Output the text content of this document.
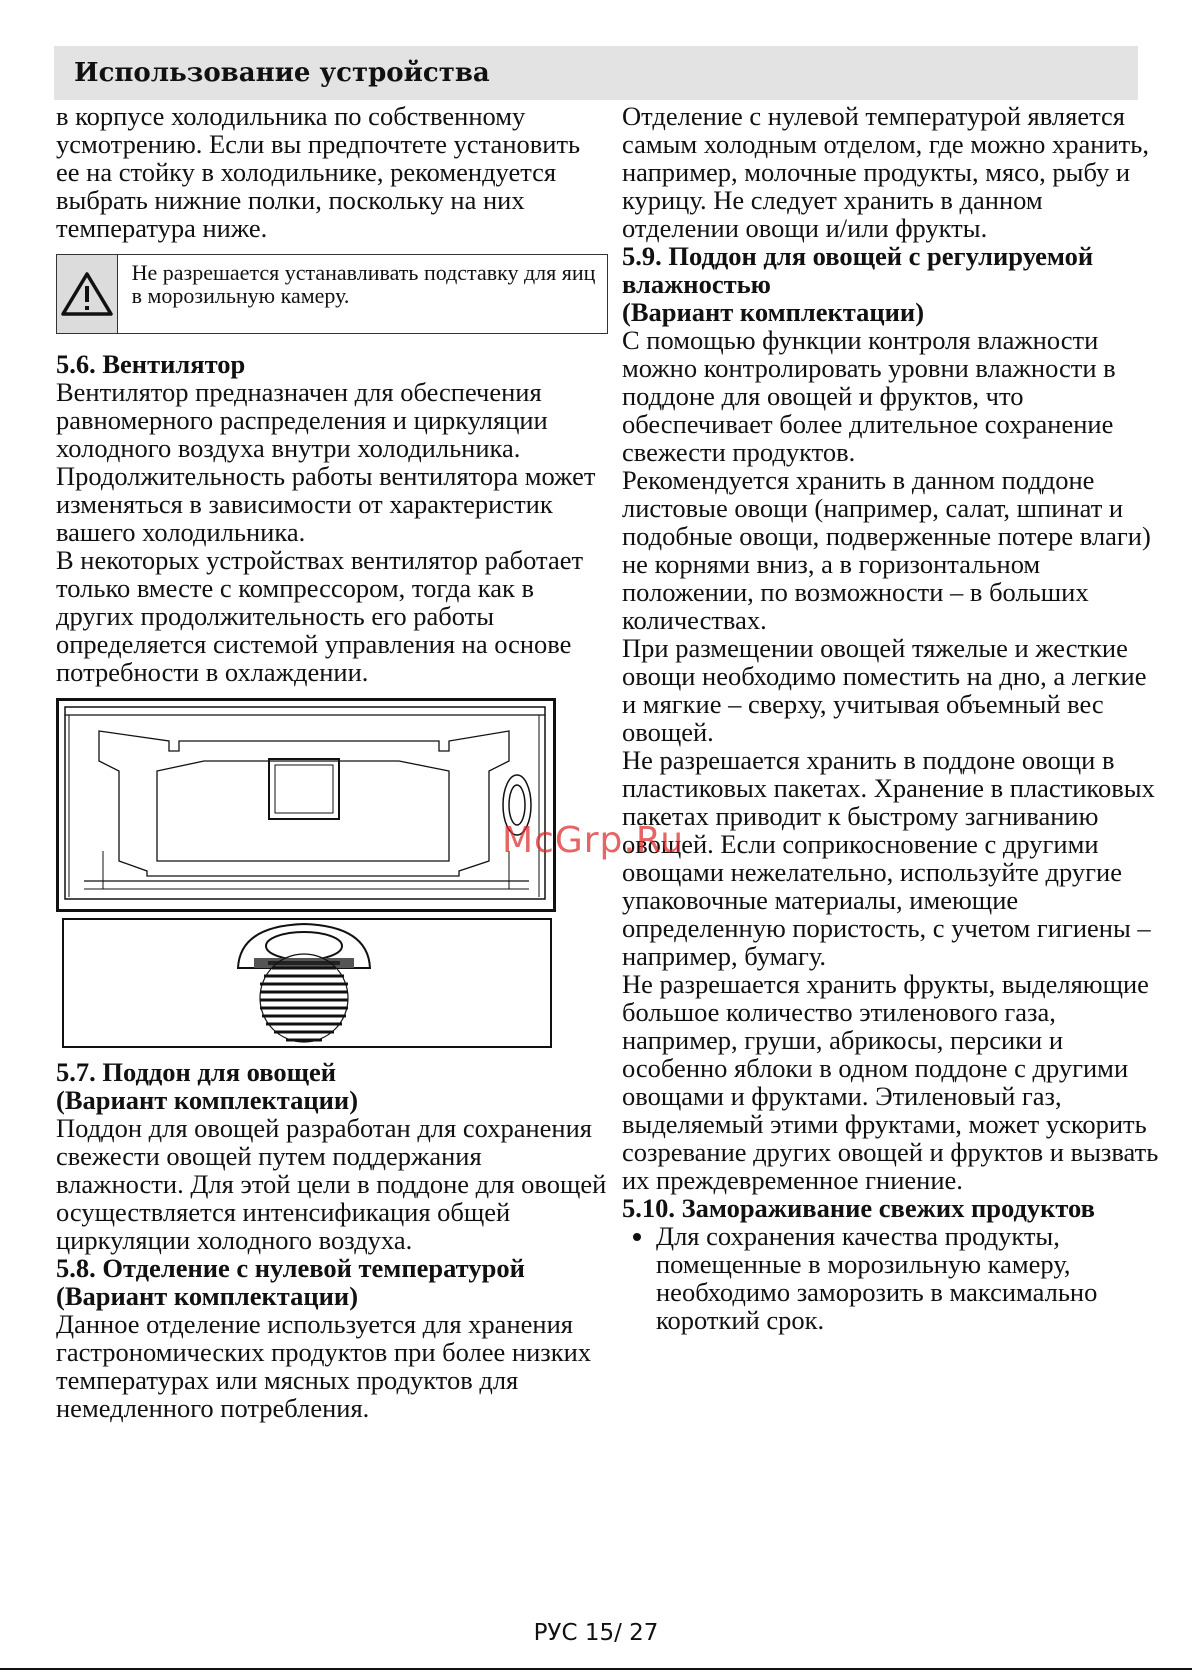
Использование устройства

в корпусе холодильника по собственному усмотрению. Если вы предпочтете установить ее на стойку в холодильнике, рекомендуется выбрать нижние полки, поскольку на них температура ниже.

Не разрешается устанавливать подставку для яиц в морозильную камеру.
5.6. Вентилятор

Вентилятор предназначен для обеспечения равномерного распределения и циркуляции холодного воздуха внутри холодильника. Продолжительность работы вентилятора может изменяться в зависимости от характеристик вашего холодильника.

В некоторых устройствах вентилятор работает только вместе с компрессором, тогда как в других продолжительность его работы определяется системой управления на основе потребности в охлаждении.

5.7. Поддон для овощей
(Вариант комплектации)

Поддон для овощей разработан для сохранения свежести овощей путем поддержания влажности. Для этой цели в поддоне для овощей осуществляется интенсификация общей циркуляции холодного воздуха.

5.8. Отделение с нулевой температурой
(Вариант комплектации)

Данное отделение используется для хранения гастрономических продуктов при более низких температурах или мясных продуктов для немедленного потребления.

Отделение с нулевой температурой является самым холодным отделом, где можно хранить, например, молочные продукты, мясо, рыбу и курицу. Не следует хранить в данном отделении овощи и/или фрукты.

5.9. Поддон для овощей с регулируемой влажностью
(Вариант комплектации)

С помощью функции контроля влажности можно контролировать уровни влажности в поддоне для овощей и фруктов, что обеспечивает более длительное сохранение свежести продуктов.

Рекомендуется хранить в данном поддоне листовые овощи (например, салат, шпинат и подобные овощи, подверженные потере влаги) не корнями вниз, а в горизонтальном положении, по возможности – в больших количествах.

При размещении овощей тяжелые и жесткие овощи необходимо поместить на дно, а легкие и мягкие – сверху, учитывая объемный вес овощей.

Не разрешается хранить в поддоне овощи в пластиковых пакетах. Хранение в пластиковых пакетах приводит к быстрому загниванию овощей. Если соприкосновение с другими овощами нежелательно, используйте другие упаковочные материалы, имеющие определенную пористость, с учетом гигиены – например, бумагу.

Не разрешается хранить фрукты, выделяющие большое количество этиленового газа, например, груши, абрикосы, персики и особенно яблоки в одном поддоне с другими овощами и фруктами. Этиленовый газ, выделяемый этими фруктами, может ускорить созревание других овощей и фруктов и вызвать их преждевременное гниение.

5.10. Замораживание свежих продуктов
• Для сохранения качества продукты, помещенные в морозильную камеру, необходимо заморозить в максимально короткий срок.
McGrp.Ru
РУС 15/ 27
